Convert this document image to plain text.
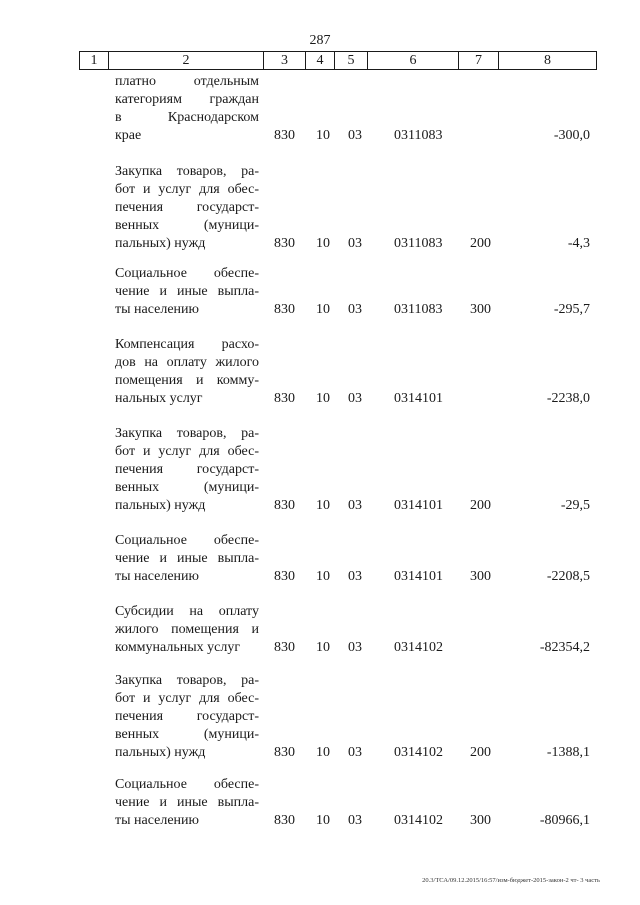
287
1	2	3	4	5	6	7	8
платно отдельным
категориям граждан
в Краснодарском
крае	830 10 03 0311083	-300,0
Закупка товаров, ра-
бот и услуг для обес-
печения государст-
венных (муници-
пальных) нужд	830 10 03 0311083 200	-4,3
Социальное обеспе-
чение и иные выпла-
ты населению	830 10 03 0311083 300	-295,7
Компенсация расхо-
дов на оплату жилого
помещения и комму-
нальных услуг	830 10 03 0314101	-2238,0
Закупка товаров, ра-
бот и услуг для обес-
печения государст-
венных (муници-
пальных) нужд	830 10 03 0314101 200	-29,5
Социальное обеспе-
чение и иные выпла-
ты населению	830 10 03 0314101 300	-2208,5
Субсидии на оплату
жилого помещения и
коммунальных услуг	830 10 03 0314102	-82354,2
Закупка товаров, ра-
бот и услуг для обес-
печения государст-
венных (муници-
пальных) нужд	830 10 03 0314102 200	-1388,1
Социальное обеспе-
чение и иные выпла-
ты населению	830 10 03 0314102 300	-80966,1
20.3/ТСА/09.12.2015/16:57/изм-бюджет-2015-закон-2 чт- 3 часть
